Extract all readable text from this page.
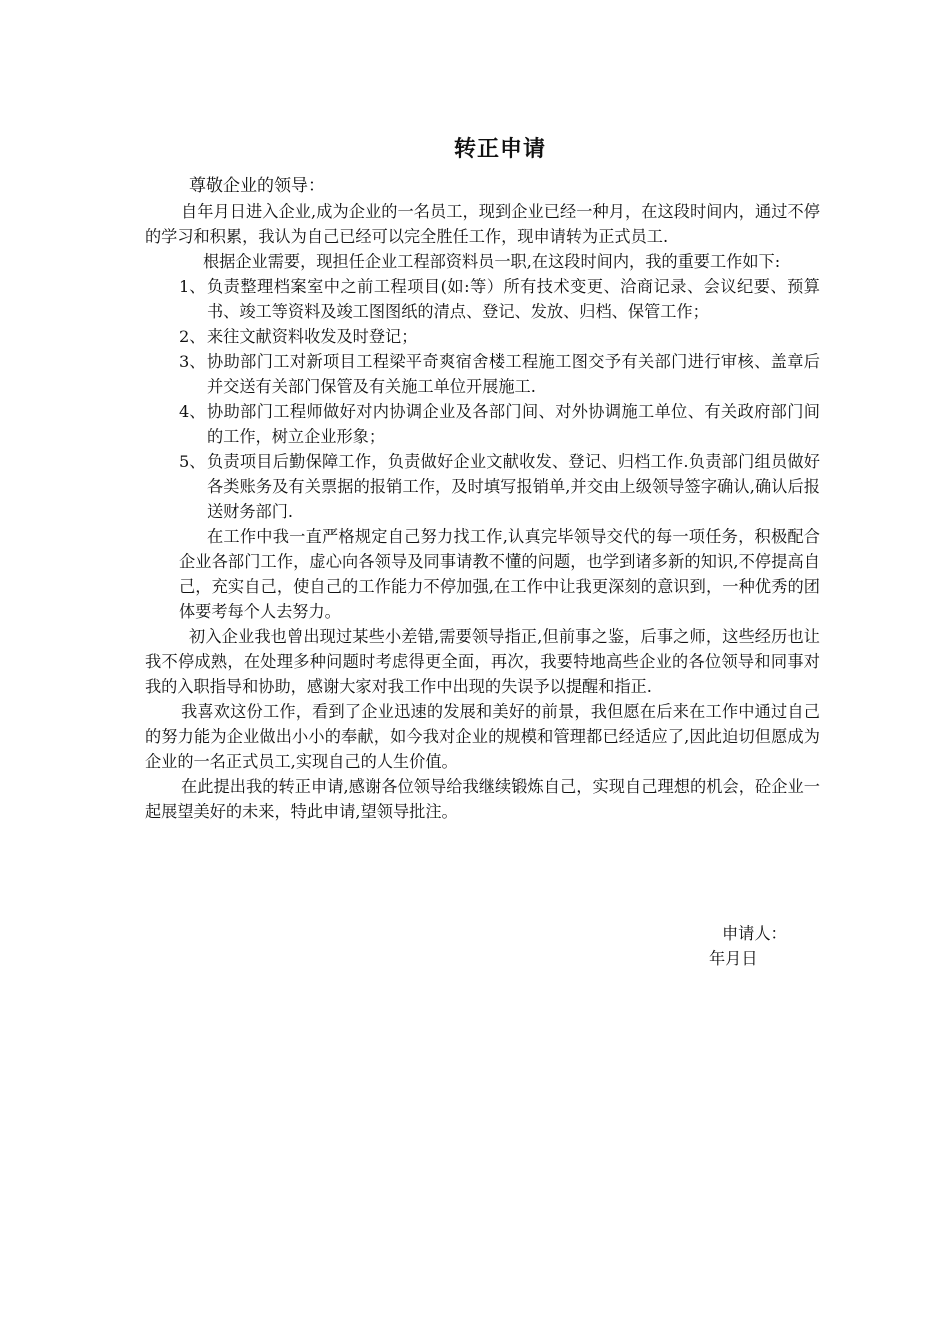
转正申请

尊敬企业的领导：

自年月日进入企业,成为企业的一名员工，现到企业已经一种月，在这段时间内，通过不停的学习和积累，我认为自己已经可以完全胜任工作，现申请转为正式员工.

根据企业需要，现担任企业工程部资料员一职,在这段时间内，我的重要工作如下:

1、 负责整理档案室中之前工程项目(如:等）所有技术变更、洽商记录、会议纪要、预算书、竣工等资料及竣工图图纸的清点、登记、发放、归档、保管工作；
2、 来往文献资料收发及时登记；
3、 协助部门工对新项目工程梁平奇爽宿舍楼工程施工图交予有关部门进行审核、盖章后并交送有关部门保管及有关施工单位开展施工.
4、 协助部门工程师做好对内协调企业及各部门间、对外协调施工单位、有关政府部门间的工作，树立企业形象；
5、 负责项目后勤保障工作，负责做好企业文献收发、登记、归档工作.负责部门组员做好各类账务及有关票据的报销工作，及时填写报销单,并交由上级领导签字确认,确认后报送财务部门.

在工作中我一直严格规定自己努力找工作,认真完毕领导交代的每一项任务，积极配合企业各部门工作，虚心向各领导及同事请教不懂的问题，也学到诸多新的知识,不停提高自己，充实自己，使自己的工作能力不停加强,在工作中让我更深刻的意识到，一种优秀的团体要考每个人去努力。

初入企业我也曾出现过某些小差错,需要领导指正,但前事之鉴，后事之师，这些经历也让我不停成熟，在处理多种问题时考虑得更全面，再次，我要特地高些企业的各位领导和同事对我的入职指导和协助，感谢大家对我工作中出现的失误予以提醒和指正.

我喜欢这份工作，看到了企业迅速的发展和美好的前景，我但愿在后来在工作中通过自己的努力能为企业做出小小的奉献，如今我对企业的规模和管理都已经适应了,因此迫切但愿成为企业的一名正式员工,实现自己的人生价值。

在此提出我的转正申请,感谢各位领导给我继续锻炼自己，实现自己理想的机会，砼企业一起展望美好的未来，特此申请,望领导批注。

申请人：
年月日
